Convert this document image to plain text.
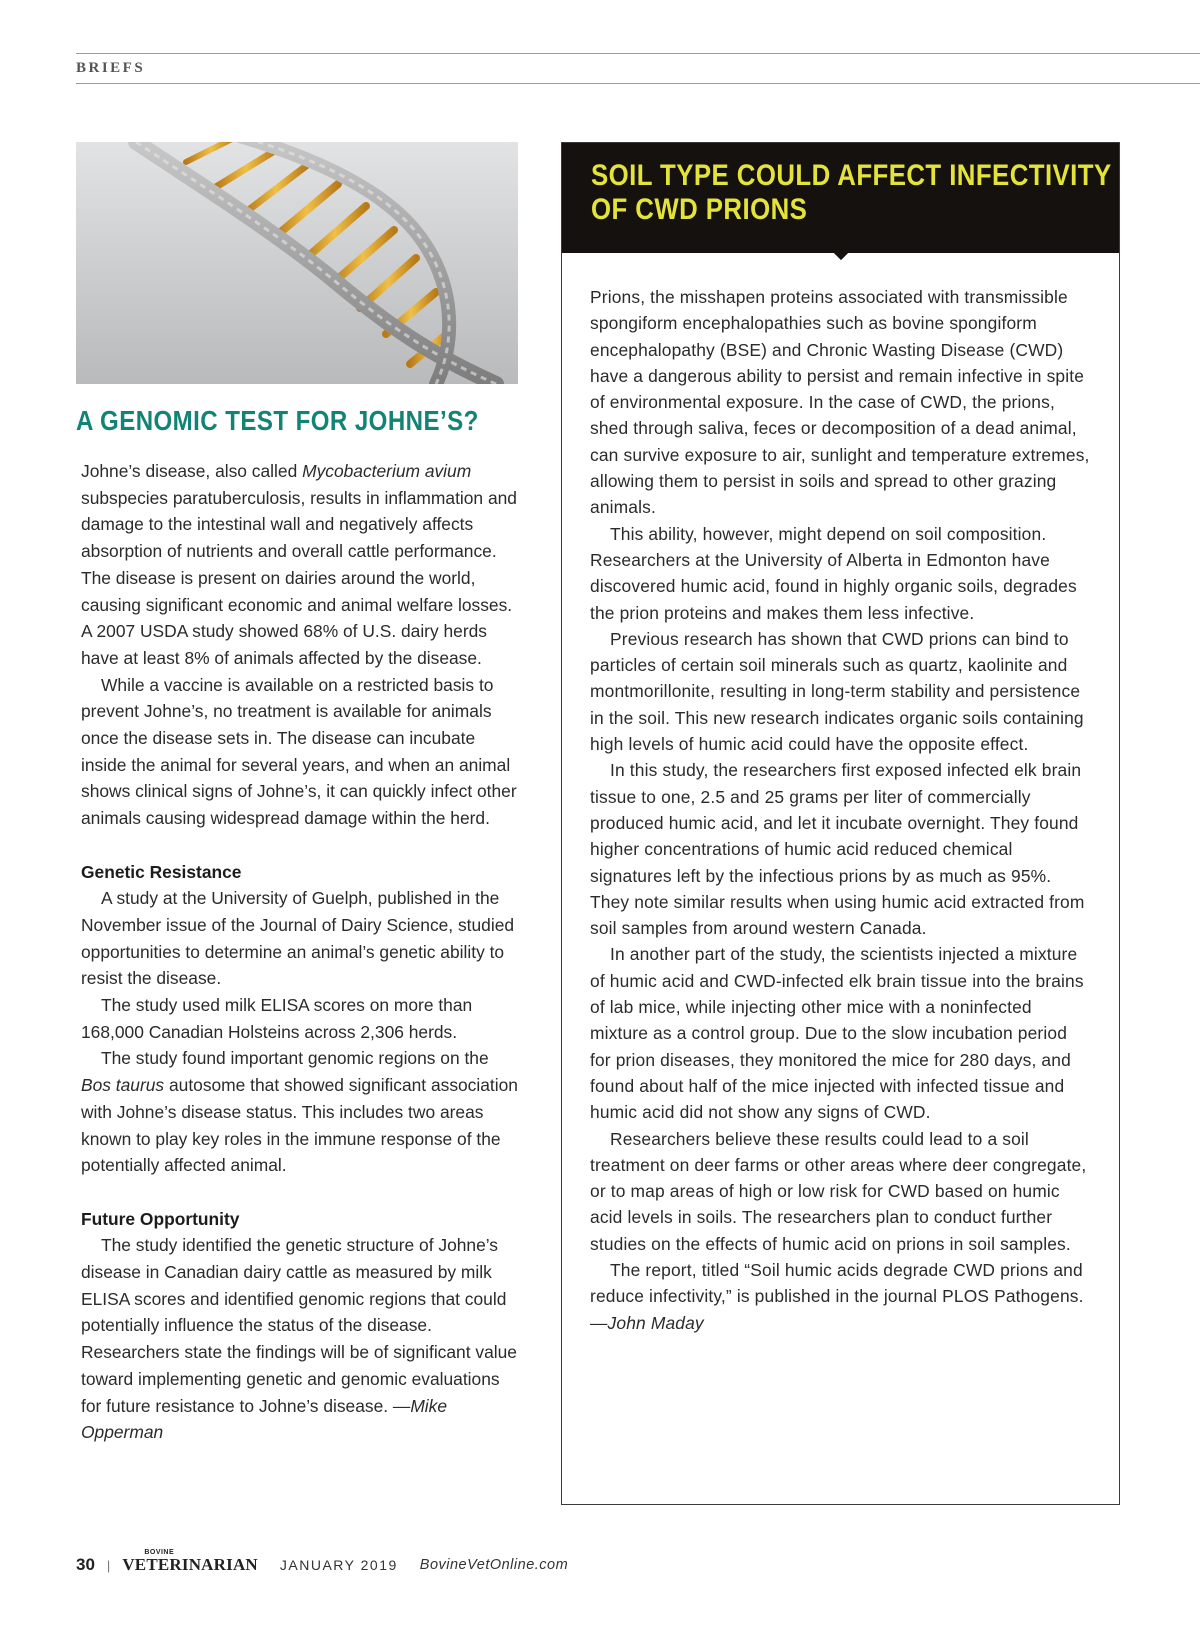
BRIEFS
A GENOMIC TEST FOR JOHNE’S?

Johne’s disease, also called Mycobacterium avium subspecies paratuberculosis, results in inflammation and damage to the intestinal wall and negatively affects absorption of nutrients and overall cattle performance. The disease is present on dairies around the world, causing significant economic and animal welfare losses. A 2007 USDA study showed 68% of U.S. dairy herds have at least 8% of animals affected by the disease.

While a vaccine is available on a restricted basis to prevent Johne’s, no treatment is available for animals once the disease sets in. The disease can incubate inside the animal for several years, and when an animal shows clinical signs of Johne’s, it can quickly infect other animals causing widespread damage within the herd.

Genetic Resistance

A study at the University of Guelph, published in the November issue of the Journal of Dairy Science, studied opportunities to determine an animal’s genetic ability to resist the disease.

The study used milk ELISA scores on more than 168,000 Canadian Holsteins across 2,306 herds.

The study found important genomic regions on the Bos taurus autosome that showed significant association with Johne’s disease status. This includes two areas known to play key roles in the immune response of the potentially affected animal.

Future Opportunity

The study identified the genetic structure of Johne’s disease in Canadian dairy cattle as measured by milk ELISA scores and identified genomic regions that could potentially influence the status of the disease. Researchers state the findings will be of significant value toward implementing genetic and genomic evaluations for future resistance to Johne’s disease. —Mike Opperman

SOIL TYPE COULD AFFECT INFECTIVITY
OF CWD PRIONS

Prions, the misshapen proteins associated with transmissible spongiform encephalopathies such as bovine spongiform encephalopathy (BSE) and Chronic Wasting Disease (CWD) have a dangerous ability to persist and remain infective in spite of environmental exposure. In the case of CWD, the prions, shed through saliva, feces or decomposition of a dead animal, can survive exposure to air, sunlight and temperature extremes, allowing them to persist in soils and spread to other grazing animals.

This ability, however, might depend on soil composition. Researchers at the University of Alberta in Edmonton have discovered humic acid, found in highly organic soils, degrades the prion proteins and makes them less infective.

Previous research has shown that CWD prions can bind to particles of certain soil minerals such as quartz, kaolinite and montmorillonite, resulting in long-term stability and persistence in the soil. This new research indicates organic soils containing high levels of humic acid could have the opposite effect.

In this study, the researchers first exposed infected elk brain tissue to one, 2.5 and 25 grams per liter of commercially produced humic acid, and let it incubate overnight. They found higher concentrations of humic acid reduced chemical signatures left by the infectious prions by as much as 95%. They note similar results when using humic acid extracted from soil samples from around western Canada.

In another part of the study, the scientists injected a mixture of humic acid and CWD-infected elk brain tissue into the brains of lab mice, while injecting other mice with a noninfected mixture as a control group. Due to the slow incubation period for prion diseases, they monitored the mice for 280 days, and found about half of the mice injected with infected tissue and humic acid did not show any signs of CWD.

Researchers believe these results could lead to a soil treatment on deer farms or other areas where deer congregate, or to map areas of high or low risk for CWD based on humic acid levels in soils. The researchers plan to conduct further studies on the effects of humic acid on prions in soil samples.

The report, titled “Soil humic acids degrade CWD prions and reduce infectivity,” is published in the journal PLOS Pathogens. —John Maday

30 |
BOVINE
VETERINARIAN JANUARY 2019 BovineVetOnline.com
